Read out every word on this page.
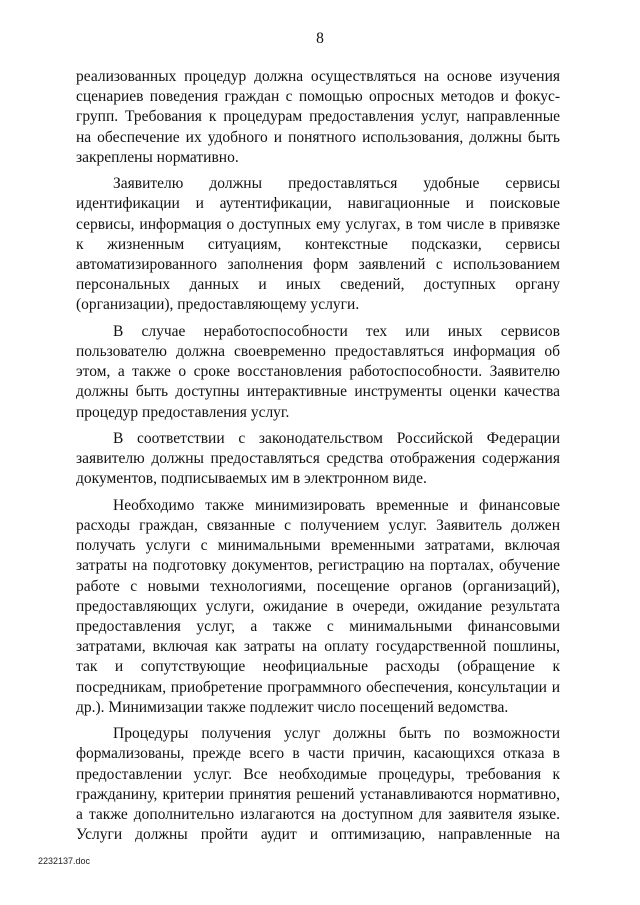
8

реализованных процедур должна осуществляться на основе изучения сценариев поведения граждан с помощью опросных методов и фокус-групп. Требования к процедурам предоставления услуг, направленные на обеспечение их удобного и понятного использования, должны быть закреплены нормативно.

Заявителю должны предоставляться удобные сервисы идентификации и аутентификации, навигационные и поисковые сервисы, информация о доступных ему услугах, в том числе в привязке к жизненным ситуациям, контекстные подсказки, сервисы автоматизированного заполнения форм заявлений с использованием персональных данных и иных сведений, доступных органу (организации), предоставляющему услуги.

В случае неработоспособности тех или иных сервисов пользователю должна своевременно предоставляться информация об этом, а также о сроке восстановления работоспособности. Заявителю должны быть доступны интерактивные инструменты оценки качества процедур предоставления услуг.

В соответствии с законодательством Российской Федерации заявителю должны предоставляться средства отображения содержания документов, подписываемых им в электронном виде.

Необходимо также минимизировать временные и финансовые расходы граждан, связанные с получением услуг. Заявитель должен получать услуги с минимальными временными затратами, включая затраты на подготовку документов, регистрацию на порталах, обучение работе с новыми технологиями, посещение органов (организаций), предоставляющих услуги, ожидание в очереди, ожидание результата предоставления услуг, а также с минимальными финансовыми затратами, включая как затраты на оплату государственной пошлины, так и сопутствующие неофициальные расходы (обращение к посредникам, приобретение программного обеспечения, консультации и др.). Минимизации также подлежит число посещений ведомства.

Процедуры получения услуг должны быть по возможности формализованы, прежде всего в части причин, касающихся отказа в предоставлении услуг. Все необходимые процедуры, требования к гражданину, критерии принятия решений устанавливаются нормативно, а также дополнительно излагаются на доступном для заявителя языке. Услуги должны пройти аудит и оптимизацию, направленные на

2232137.doc
